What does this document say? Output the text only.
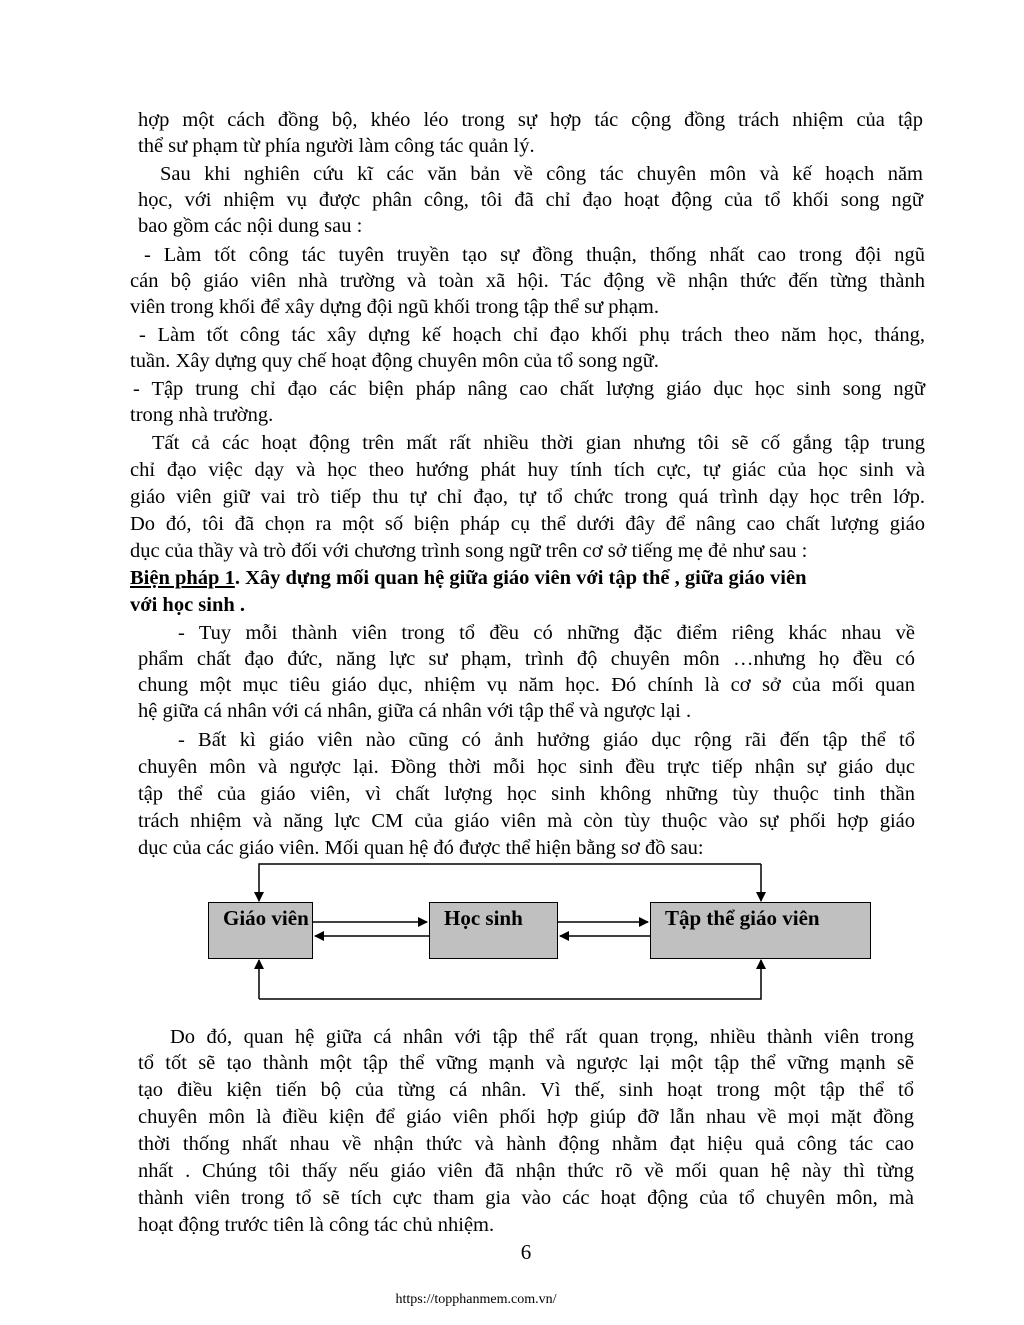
hợp một cách đồng bộ, khéo léo trong sự hợp tác cộng đồng trách nhiệm của tập
thể sư phạm từ phía người làm công tác quản lý.
Sau khi nghiên cứu kĩ các văn bản về công tác chuyên môn và kế hoạch năm
học, với nhiệm vụ được phân công, tôi đã chỉ đạo hoạt động của tổ khối song ngữ
bao gồm các nội dung sau :
- Làm tốt công tác tuyên truyền tạo sự đồng thuận, thống nhất cao trong đội ngũ
cán bộ giáo viên nhà trường và toàn xã hội. Tác động về nhận thức đến từng thành
viên trong khối để xây dựng đội ngũ khối trong tập thể sư phạm.
- Làm tốt công tác xây dựng kế hoạch chỉ đạo khối phụ trách theo năm học, tháng,
tuần. Xây dựng quy chế hoạt động chuyên môn của tổ song ngữ.
- Tập trung chỉ đạo các biện pháp nâng cao chất lượng giáo dục học sinh song ngữ
trong nhà trường.
Tất cả các hoạt động trên mất rất nhiều thời gian nhưng tôi sẽ cố gắng tập trung
chỉ đạo việc dạy và học theo hướng phát huy tính tích cực, tự giác của học sinh và
giáo viên giữ vai trò tiếp thu tự chỉ đạo, tự tổ chức trong quá trình dạy học trên lớp.
Do đó, tôi đã chọn ra một số biện pháp cụ thể dưới đây để nâng cao chất lượng giáo
dục của thầy và trò đối với chương trình song ngữ trên cơ sở tiếng mẹ đẻ như sau :
Biện pháp 1. Xây dựng mối quan hệ giữa giáo viên với tập thể , giữa giáo viên
với học sinh .
- Tuy mỗi thành viên trong tổ đều có những đặc điểm riêng khác nhau về
phẩm chất đạo đức, năng lực sư phạm, trình độ chuyên môn …nhưng họ đều có
chung một mục tiêu giáo dục, nhiệm vụ năm học. Đó chính là cơ sở của mối quan
hệ giữa cá nhân với cá nhân, giữa cá nhân với tập thể và ngược lại .
- Bất kì giáo viên nào cũng có ảnh hưởng giáo dục rộng rãi đến tập thể tổ
chuyên môn và ngược lại. Đồng thời mỗi học sinh đều trực tiếp nhận sự giáo dục
tập thể của giáo viên, vì chất lượng học sinh không những tùy thuộc tinh thần
trách nhiệm và năng lực CM của giáo viên mà còn tùy thuộc vào sự phối hợp giáo
dục của các giáo viên. Mối quan hệ đó được thể hiện bằng sơ đồ sau:
Giáo viên	Học sinh	Tập thể giáo viên
Do đó, quan hệ giữa cá nhân với tập thể rất quan trọng, nhiều thành viên trong
tổ tốt sẽ tạo thành một tập thể vững mạnh và ngược lại một tập thể vững mạnh sẽ
tạo điều kiện tiến bộ của từng cá nhân. Vì thế, sinh hoạt trong một tập thể tổ
chuyên môn là điều kiện để giáo viên phối hợp giúp đỡ lẫn nhau về mọi mặt đồng
thời thống nhất nhau về nhận thức và hành động nhằm đạt hiệu quả công tác cao
nhất . Chúng tôi thấy nếu giáo viên đã nhận thức rõ về mối quan hệ này thì từng
thành viên trong tổ sẽ tích cực tham gia vào các hoạt động của tổ chuyên môn, mà
hoạt động trước tiên là công tác chủ nhiệm.
6
https://topphanmem.com.vn/
